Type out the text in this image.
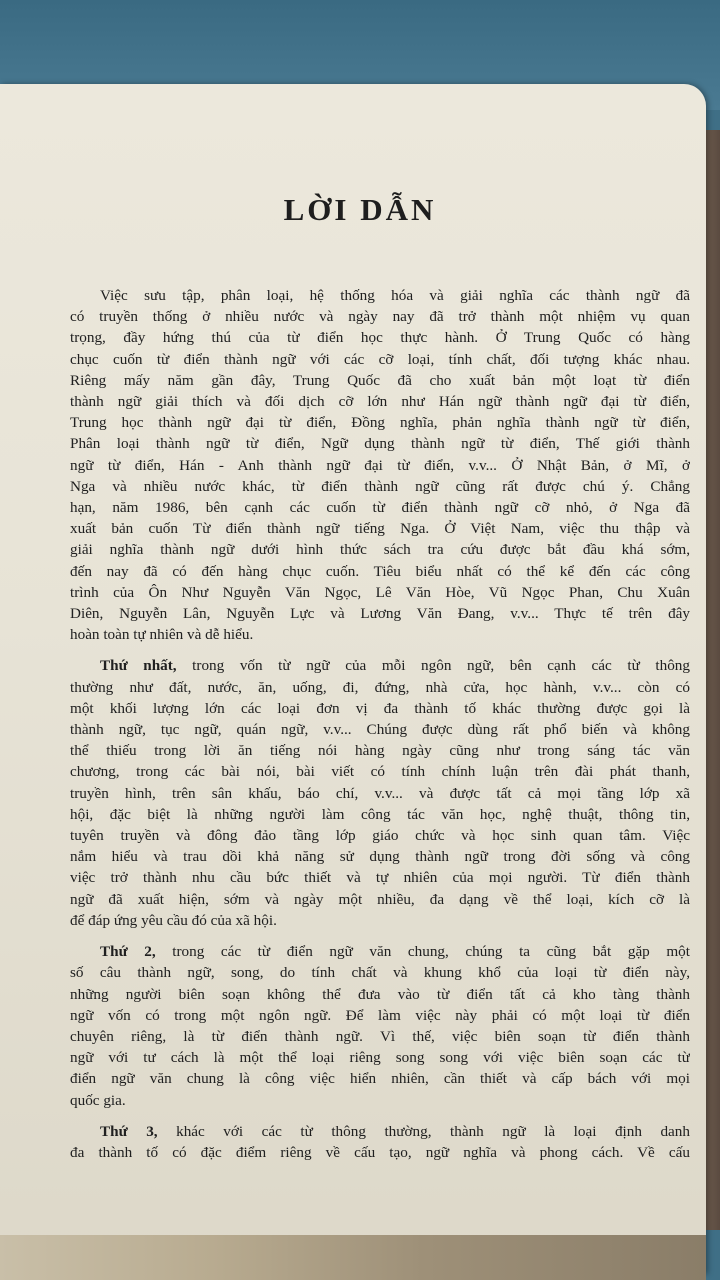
LỜI DẪN
Việc sưu tập, phân loại, hệ thống hóa và giải nghĩa các thành ngữ đã
có truyền thống ở nhiều nước và ngày nay đã trở thành một nhiệm vụ quan
trọng, đầy hứng thú của từ điển học thực hành. Ở Trung Quốc có hàng
chục cuốn từ điển thành ngữ với các cỡ loại, tính chất, đối tượng khác nhau.
Riêng mấy năm gần đây, Trung Quốc đã cho xuất bản một loạt từ điển
thành ngữ giải thích và đối dịch cỡ lớn như Hán ngữ thành ngữ đại từ điển,
Trung học thành ngữ đại từ điển, Đồng nghĩa, phản nghĩa thành ngữ từ điển,
Phân loại thành ngữ từ điển, Ngữ dụng thành ngữ từ điển, Thế giới thành
ngữ từ điển, Hán - Anh thành ngữ đại từ điển, v.v... Ở Nhật Bản, ở Mĩ, ở
Nga và nhiều nước khác, từ điển thành ngữ cũng rất được chú ý. Chẳng
hạn, năm 1986, bên cạnh các cuốn từ điển thành ngữ cỡ nhỏ, ở Nga đã
xuất bản cuốn Từ điển thành ngữ tiếng Nga. Ở Việt Nam, việc thu thập và
giải nghĩa thành ngữ dưới hình thức sách tra cứu được bắt đầu khá sớm,
đến nay đã có đến hàng chục cuốn. Tiêu biểu nhất có thể kể đến các công
trình của Ôn Như Nguyễn Văn Ngọc, Lê Văn Hòe, Vũ Ngọc Phan, Chu Xuân
Diên, Nguyễn Lân, Nguyễn Lực và Lương Văn Đang, v.v... Thực tế trên đây
hoàn toàn tự nhiên và dễ hiểu.
Thứ nhất, trong vốn từ ngữ của mỗi ngôn ngữ, bên cạnh các từ thông
thường như đất, nước, ăn, uống, đi, đứng, nhà cửa, học hành, v.v... còn có
một khối lượng lớn các loại đơn vị đa thành tố khác thường được gọi là
thành ngữ, tục ngữ, quán ngữ, v.v... Chúng được dùng rất phổ biến và không
thể thiếu trong lời ăn tiếng nói hàng ngày cũng như trong sáng tác văn
chương, trong các bài nói, bài viết có tính chính luận trên đài phát thanh,
truyền hình, trên sân khấu, báo chí, v.v... và được tất cả mọi tầng lớp xã
hội, đặc biệt là những người làm công tác văn học, nghệ thuật, thông tin,
tuyên truyền và đông đảo tầng lớp giáo chức và học sinh quan tâm. Việc
nắm hiểu và trau dồi khả năng sử dụng thành ngữ trong đời sống và công
việc trở thành nhu cầu bức thiết và tự nhiên của mọi người. Từ điển thành
ngữ đã xuất hiện, sớm và ngày một nhiều, đa dạng về thể loại, kích cỡ là
để đáp ứng yêu cầu đó của xã hội.
Thứ 2, trong các từ điển ngữ văn chung, chúng ta cũng bắt gặp một
số câu thành ngữ, song, do tính chất và khung khổ của loại từ điển này,
những người biên soạn không thể đưa vào từ điển tất cả kho tàng thành
ngữ vốn có trong một ngôn ngữ. Để làm việc này phải có một loại từ điển
chuyên riêng, là từ điển thành ngữ. Vì thế, việc biên soạn từ điển thành
ngữ với tư cách là một thể loại riêng song song với việc biên soạn các từ
điển ngữ văn chung là công việc hiển nhiên, cần thiết và cấp bách với mọi
quốc gia.
Thứ 3, khác với các từ thông thường, thành ngữ là loại định danh
đa thành tố có đặc điểm riêng về cấu tạo, ngữ nghĩa và phong cách. Về cấu
